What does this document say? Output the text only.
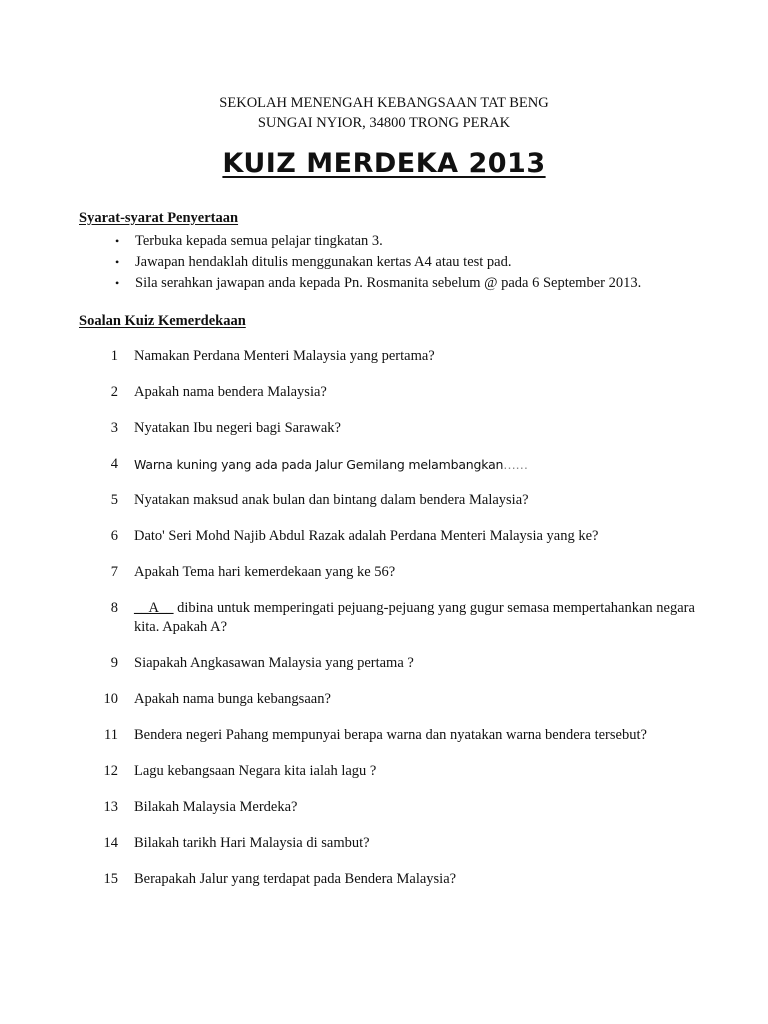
SEKOLAH MENENGAH KEBANGSAAN TAT BENG
SUNGAI NYIOR, 34800 TRONG PERAK
KUIZ MERDEKA 2013
Syarat-syarat Penyertaan
• Terbuka kepada semua pelajar tingkatan 3.
• Jawapan hendaklah ditulis menggunakan kertas A4 atau test pad.
• Sila serahkan jawapan anda kepada Pn. Rosmanita sebelum @ pada 6 September 2013.
Soalan Kuiz Kemerdekaan
1 Namakan Perdana Menteri Malaysia yang pertama?
2 Apakah nama bendera Malaysia?
3 Nyatakan Ibu negeri bagi Sarawak?
4 Warna kuning yang ada pada Jalur Gemilang melambangkan……
5 Nyatakan maksud anak bulan dan bintang dalam bendera Malaysia?
6 Dato' Seri Mohd Najib Abdul Razak adalah Perdana Menteri Malaysia yang ke?
7 Apakah Tema hari kemerdekaan yang ke 56?
8 __A__ dibina untuk memperingati pejuang-pejuang yang gugur semasa mempertahankan negara kita. Apakah A?
9 Siapakah Angkasawan Malaysia yang pertama ?
10 Apakah nama bunga kebangsaan?
11 Bendera negeri Pahang mempunyai berapa warna dan nyatakan warna bendera tersebut?
12 Lagu kebangsaan Negara kita ialah lagu ?
13 Bilakah Malaysia Merdeka?
14 Bilakah tarikh Hari Malaysia di sambut?
15 Berapakah Jalur yang terdapat pada Bendera Malaysia?
